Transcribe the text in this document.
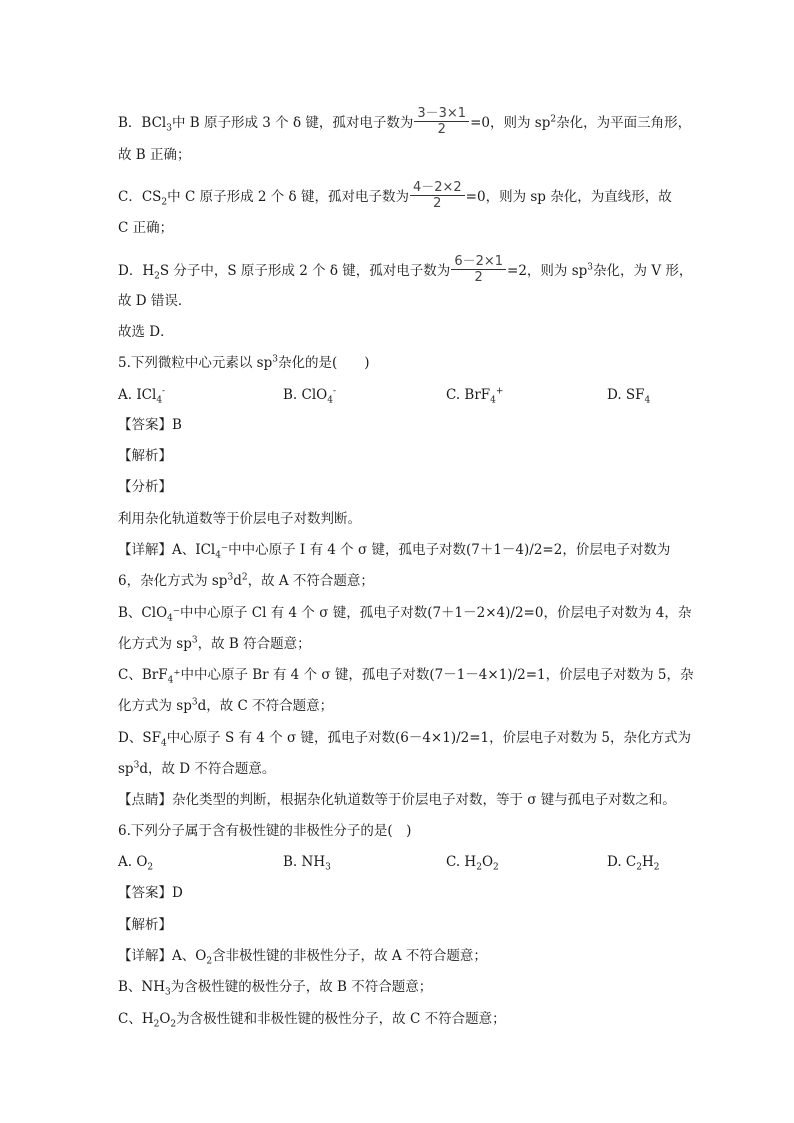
B．BCl$_3$中 B 原子形成 3 个 δ 键，孤对电子数为 $\frac{3-3\times 1}{2} =0$，则为 $sp^2$杂化，为平面三角形，
故 B 正确；
C．$CS_2$中 C 原子形成 2 个 δ 键，孤对电子数为 $\frac{4-2\times 2}{2} =0$，则为 sp 杂化，为直线形，故
C 正确；
D．$H_2S$ 分子中，S 原子形成 2 个 δ 键，孤对电子数为 $\frac{6-2\times 1}{2} =2$，则为 $sp^3$杂化，为 V 形，
故 D 错误．
故选 D．
5.下列微粒中心元素以 $sp^3$杂化的是(　　)
A. ICl$_4$-	B. ClO$_4$-	C. BrF$_4$+	D. $SF_4$
【答案】B
【解析】
【分析】
利用杂化轨道数等于价层电子对数判断。
【详解】A、ICl$_4$⁻中中心原子 I 有 4 个 σ 键，孤电子对数(7＋1－4)/2=2，价层电子对数为
6，杂化方式为 $sp^3d^2$，故 A 不符合题意；
B、ClO$_4$⁻中中心原子 Cl 有 4 个 σ 键，孤电子对数(7＋1－2×4)/2=0，价层电子对数为 4，杂
化方式为 $sp^3$，故 B 符合题意；
C、BrF$_4$⁺中中心原子 Br 有 4 个 σ 键，孤电子对数(7－1－4×1)/2=1，价层电子对数为 5，杂
化方式为 $sp^3d$，故 C 不符合题意；
D、$SF_4$中心原子 S 有 4 个 σ 键，孤电子对数(6－4×1)/2=1，价层电子对数为 5，杂化方式为
$sp^3d$，故 D 不符合题意。
【点睛】杂化类型的判断，根据杂化轨道数等于价层电子对数，等于 σ 键与孤电子对数之和。
6.下列分子属于含有极性键的非极性分子的是(　)
A. $O_2$	B. $NH_3$	C. $H_2O_2$	D. $C_2H_2$
【答案】D
【解析】
【详解】A、$O_2$含非极性键的非极性分子，故 A 不符合题意；
B、$NH_3$为含极性键的极性分子，故 B 不符合题意；
C、$H_2O_2$为含极性键和非极性键的极性分子，故 C 不符合题意；
